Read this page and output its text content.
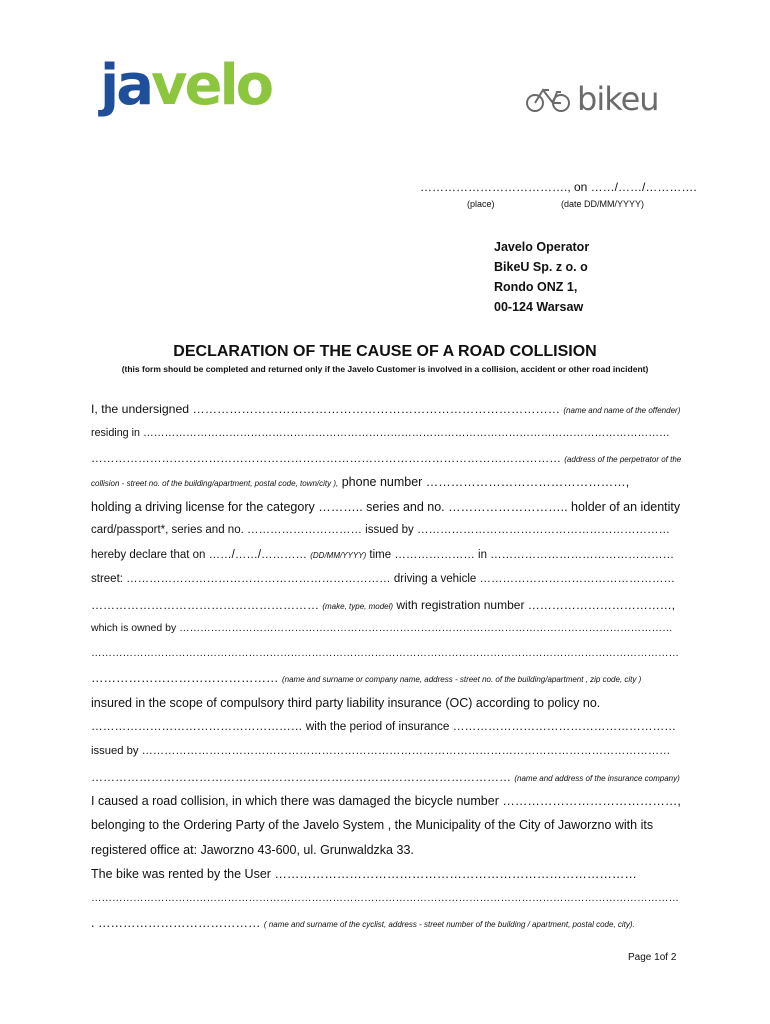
javelo	bikeu
………………………………., on ……/……/………….
(place)	(date DD/MM/YYYY)
Javelo Operator
BikeU Sp. z o. o
Rondo ONZ 1,
00-124 Warsaw
DECLARATION OF THE CAUSE OF A ROAD COLLISION
(this form should be completed and returned only if the Javelo Customer is involved in a collision, accident or other road incident)
I, the undersigned ……………………………………………………………………………… (name and name of the offender)
residing in …………………………………………………………………………………………………………………………………
………………………………………………………………………………………………………… (address of the perpetrator of the
collision - street no. of the building/apartment, postal code, town/city ), phone number …………………………………………,
holding a driving license for the category ……….. series and no. ……………………….. holder of an identity
card/passport*, series and no. ………………………… issued by …………………………………………………………
hereby declare that on ……/……/………… (DD/MM/YYYY) time ………………… in …………………………………………
street: …………………………………………………………… driving a vehicle ……………………………………………
………………………………………………… (make, type, model) with registration number ………………………………,
which is owned by ……………………………………………………………………………………………………………………………
……………………………………………………………………………………………………………………………………………………
……………………………………… (name and surname or company name, address - street no. of the building/apartment , zip code, city )
insured in the scope of compulsory third party liability insurance (OC) according to policy no.
……………………………………………… with the period of insurance …………………………………………………
issued by ……………………………………………………………………………………………………………………………
…………………………………………………………………………………………… (name and address of the insurance company)
I caused a road collision, in which there was damaged the bicycle number ……………………………………,
belonging to the Ordering Party of the Javelo System , the Municipality of the City of Jaworzno with its
registered office at: Jaworzno 43-600, ul. Grunwaldzka 33.
The bike was rented by the User ……………………………………………………………………………
……………………………………………………………………………………………………………………………………………………
. ………………………………… ( name and surname of the cyclist, address - street number of the building / apartment, postal code, city).
Page 1of 2
